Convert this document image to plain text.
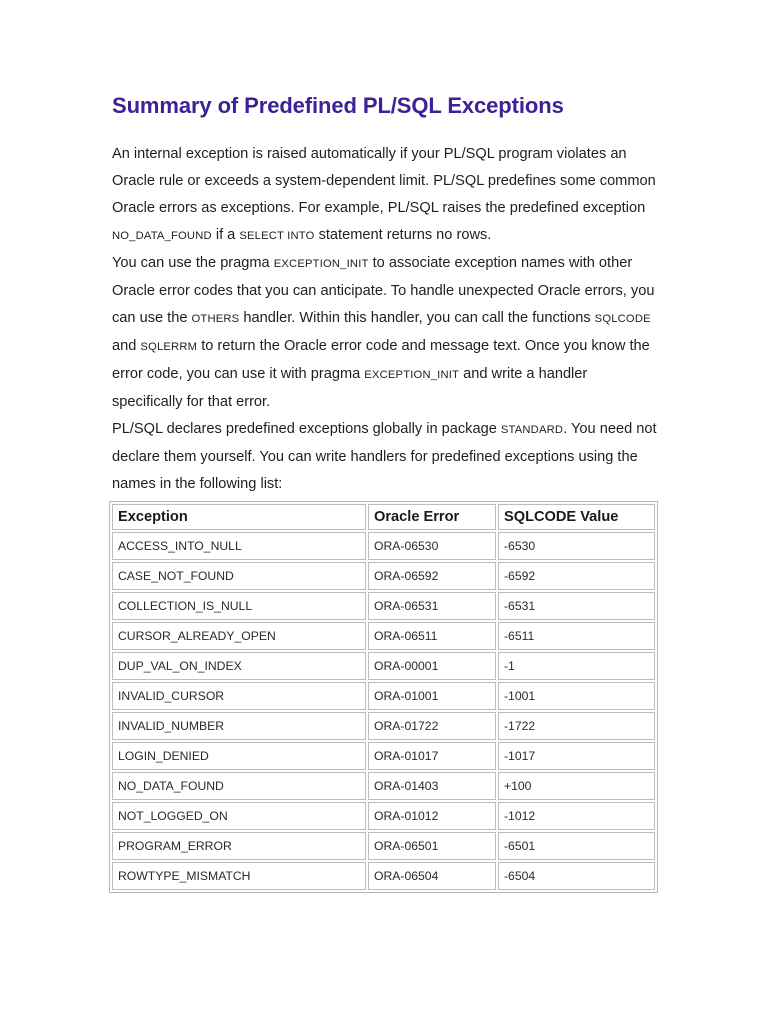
Summary of Predefined PL/SQL Exceptions

An internal exception is raised automatically if your PL/SQL program violates an Oracle rule or exceeds a system-dependent limit. PL/SQL predefines some common Oracle errors as exceptions. For example, PL/SQL raises the predefined exception NO_DATA_FOUND if a SELECT INTO statement returns no rows.

You can use the pragma EXCEPTION_INIT to associate exception names with other Oracle error codes that you can anticipate. To handle unexpected Oracle errors, you can use the OTHERS handler. Within this handler, you can call the functions SQLCODE and SQLERRM to return the Oracle error code and message text. Once you know the error code, you can use it with pragma EXCEPTION_INIT and write a handler specifically for that error.

PL/SQL declares predefined exceptions globally in package STANDARD. You need not declare them yourself. You can write handlers for predefined exceptions using the names in the following list:

Exception	Oracle Error	SQLCODE Value
ACCESS_INTO_NULL	ORA-06530	-6530
CASE_NOT_FOUND	ORA-06592	-6592
COLLECTION_IS_NULL	ORA-06531	-6531
CURSOR_ALREADY_OPEN	ORA-06511	-6511
DUP_VAL_ON_INDEX	ORA-00001	-1
INVALID_CURSOR	ORA-01001	-1001
INVALID_NUMBER	ORA-01722	-1722
LOGIN_DENIED	ORA-01017	-1017
NO_DATA_FOUND	ORA-01403	+100
NOT_LOGGED_ON	ORA-01012	-1012
PROGRAM_ERROR	ORA-06501	-6501
ROWTYPE_MISMATCH	ORA-06504	-6504
